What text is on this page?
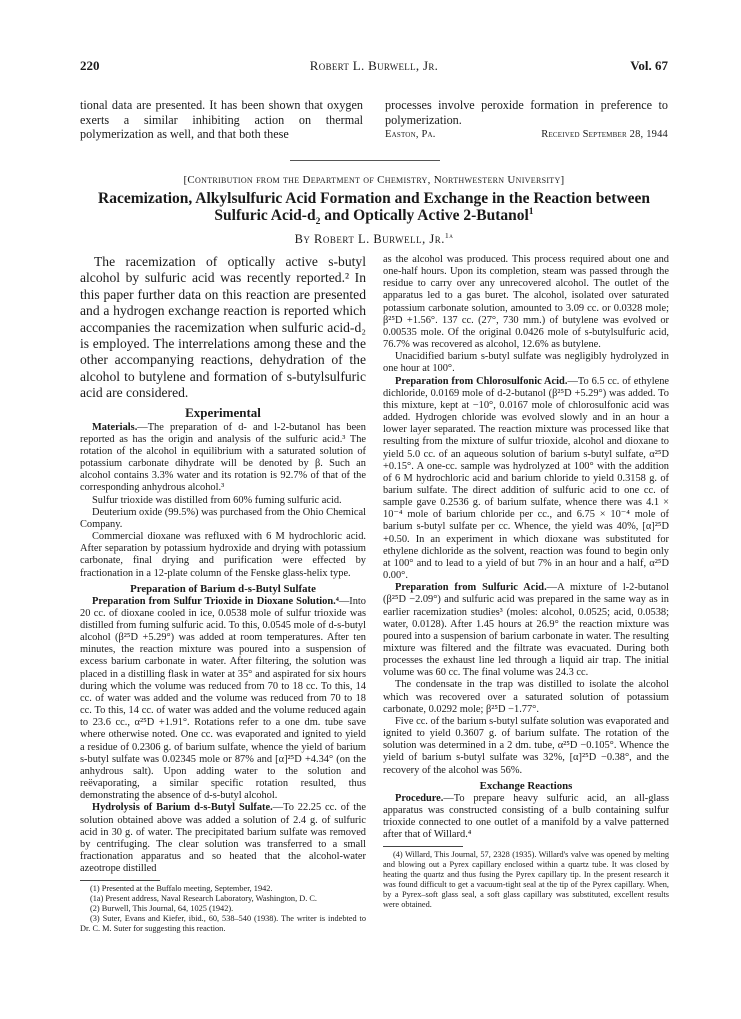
220	Robert L. Burwell, Jr.	Vol. 67
tional data are presented. It has been shown that oxygen exerts a similar inhibiting action on thermal polymerization as well, and that both these
processes involve peroxide formation in preference to polymerization.
Easton, Pa.	Received September 28, 1944
[Contribution from the Department of Chemistry, Northwestern University]
Racemization, Alkylsulfuric Acid Formation and Exchange in the Reaction between
Sulfuric Acid-$d_2$ and Optically Active 2-Butanol$^1$
By Robert L. Burwell, Jr.$^{1a}$
The racemization of optically active s-butyl alcohol by sulfuric acid was recently reported.² In this paper further data on this reaction are presented and a hydrogen exchange reaction is reported which accompanies the racemization when sulfuric acid-d₂ is employed. The interrelations among these and the other accompanying reactions, dehydration of the alcohol to butylene and formation of s-butylsulfuric acid are considered.
Experimental
Materials.—The preparation of d- and l-2-butanol has been reported as has the origin and analysis of the sulfuric acid.³ The rotation of the alcohol in equilibrium with a saturated solution of potassium carbonate dihydrate will be denoted by β. Such an alcohol contains 3.3% water and its rotation is 92.7% of that of the corresponding anhydrous alcohol.³
Sulfur trioxide was distilled from 60% fuming sulfuric acid.
Deuterium oxide (99.5%) was purchased from the Ohio Chemical Company.
Commercial dioxane was refluxed with 6 M hydrochloric acid. After separation by potassium hydroxide and drying with potassium carbonate, final drying and purification were effected by fractionation in a 12-plate column of the Fenske glass-helix type.
Preparation of Barium d-s-Butyl Sulfate
Preparation from Sulfur Trioxide in Dioxane Solution.⁴—Into 20 cc. of dioxane cooled in ice, 0.0538 mole of sulfur trioxide was distilled from fuming sulfuric acid. To this, 0.0545 mole of d-s-butyl alcohol (β²⁵D +5.29°) was added at room temperatures. After ten minutes, the reaction mixture was poured into a suspension of excess barium carbonate in water. After filtering, the solution was placed in a distilling flask in water at 35° and aspirated for six hours during which the volume was reduced from 70 to 18 cc. To this, 14 cc. of water was added and the volume was reduced from 70 to 18 cc. To this, 14 cc. of water was added and the volume reduced again to 23.6 cc., α²⁵D +1.91°. Rotations refer to a one dm. tube save where otherwise noted. One cc. was evaporated and ignited to yield a residue of 0.2306 g. of barium sulfate, whence the yield of barium s-butyl sulfate was 0.02345 mole or 87% and [α]²⁵D +4.34° (on the anhydrous salt). Upon adding water to the solution and reëvaporating, a similar specific rotation resulted, thus demonstrating the absence of d-s-butyl alcohol.
Hydrolysis of Barium d-s-Butyl Sulfate.—To 22.25 cc. of the solution obtained above was added a solution of 2.4 g. of sulfuric acid in 30 g. of water. The precipitated barium sulfate was removed by centrifuging. The clear solution was transferred to a small fractionation apparatus and so heated that the alcohol-water azeotrope distilled
(1) Presented at the Buffalo meeting, September, 1942.
(1a) Present address, Naval Research Laboratory, Washington, D. C.
(2) Burwell, This Journal, 64, 1025 (1942).
(3) Suter, Evans and Kiefer, ibid., 60, 538–540 (1938). The writer is indebted to Dr. C. M. Suter for suggesting this reaction.
as the alcohol was produced. This process required about one and one-half hours. Upon its completion, steam was passed through the residue to carry over any unrecovered alcohol. The outlet of the apparatus led to a gas buret. The alcohol, isolated over saturated potassium carbonate solution, amounted to 3.09 cc. or 0.0328 mole; β²⁵D +1.56°. 137 cc. (27°, 730 mm.) of butylene was evolved or 0.00535 mole. Of the original 0.0426 mole of s-butylsulfuric acid, 76.7% was recovered as alcohol, 12.6% as butylene.
Unacidified barium s-butyl sulfate was negligibly hydrolyzed in one hour at 100°.
Preparation from Chlorosulfonic Acid.—To 6.5 cc. of ethylene dichloride, 0.0169 mole of d-2-butanol (β²⁵D +5.29°) was added. To this mixture, kept at −10°, 0.0167 mole of chlorosulfonic acid was added. Hydrogen chloride was evolved slowly and in an hour a lower layer separated. The reaction mixture was processed like that resulting from the mixture of sulfur trioxide, alcohol and dioxane to yield 5.0 cc. of an aqueous solution of barium s-butyl sulfate, α²⁵D +0.15°. A one-cc. sample was hydrolyzed at 100° with the addition of 6 M hydrochloric acid and barium chloride to yield 0.3158 g. of barium sulfate. The direct addition of sulfuric acid to one cc. of sample gave 0.2536 g. of barium sulfate, whence there was 4.1 × 10⁻⁴ mole of barium chloride per cc., and 6.75 × 10⁻⁴ mole of barium s-butyl sulfate per cc. Whence, the yield was 40%, [α]²⁵D +0.50. In an experiment in which dioxane was substituted for ethylene dichloride as the solvent, reaction was found to begin only at 100° and to lead to a yield of but 7% in an hour and a half, α²⁵D 0.00°.
Preparation from Sulfuric Acid.—A mixture of l-2-butanol (β²⁵D −2.09°) and sulfuric acid was prepared in the same way as in earlier racemization studies³ (moles: alcohol, 0.0525; acid, 0.0538; water, 0.0128). After 1.45 hours at 26.9° the reaction mixture was poured into a suspension of barium carbonate in water. The resulting mixture was filtered and the filtrate was evacuated. During both processes the exhaust line led through a liquid air trap. The initial volume was 60 cc. The final volume was 24.3 cc.
The condensate in the trap was distilled to isolate the alcohol which was recovered over a saturated solution of potassium carbonate, 0.0292 mole; β²⁵D −1.77°.
Five cc. of the barium s-butyl sulfate solution was evaporated and ignited to yield 0.3607 g. of barium sulfate. The rotation of the solution was determined in a 2 dm. tube, α²⁵D −0.105°. Whence the yield of barium s-butyl sulfate was 32%, [α]²⁵D −0.38°, and the recovery of the alcohol was 56%.
Exchange Reactions
Procedure.—To prepare heavy sulfuric acid, an all-glass apparatus was constructed consisting of a bulb containing sulfur trioxide connected to one outlet of a manifold by a valve patterned after that of Willard.⁴
(4) Willard, This Journal, 57, 2328 (1935). Willard's valve was opened by melting and blowing out a Pyrex capillary enclosed within a quartz tube. It was closed by heating the quartz and thus fusing the Pyrex capillary tip. In the present research it was found difficult to get a vacuum-tight seal at the tip of the Pyrex capillary. When, by a Pyrex–soft glass seal, a soft glass capillary was substituted, excellent results were obtained.
